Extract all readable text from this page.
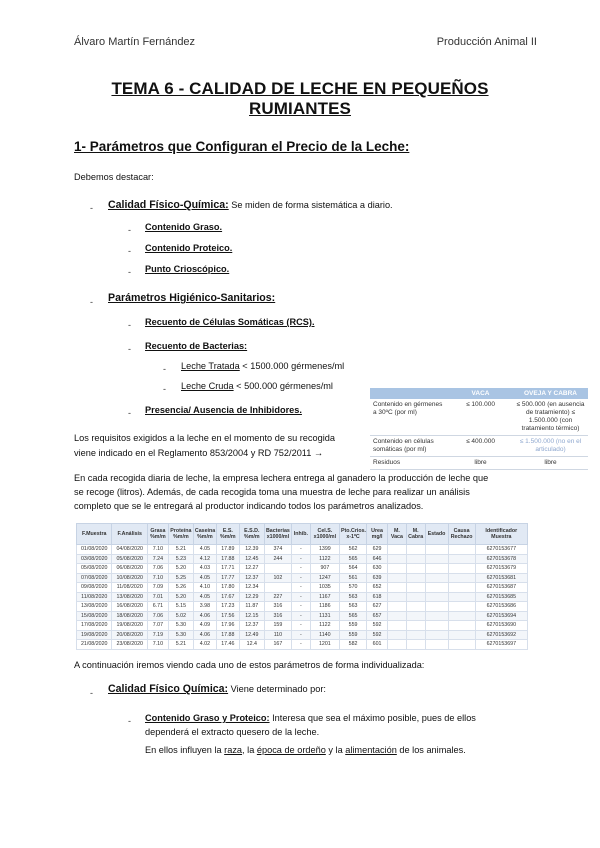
Álvaro Martín Fernández	Producción Animal II
TEMA 6 - CALIDAD DE LECHE EN PEQUEÑOS
RUMIANTES
1- Parámetros que Configuran el Precio de la Leche:
Debemos destacar:
- Calidad Físico-Química: Se miden de forma sistemática a diario.
- Contenido Graso.
- Contenido Proteico.
- Punto Crioscópico.
- Parámetros Higiénico-Sanitarios:
- Recuento de Células Somáticas (RCS).
- Recuento de Bacterias:
- Leche Tratada < 1500.000 gérmenes/ml
- Leche Cruda < 500.000 gérmenes/ml
- Presencia/ Ausencia de Inhibidores.
	VACA	OVEJA Y CABRA
Contenido en gérmenes a 30ºC (por ml)	≤ 100.000	≤ 500.000 (en ausencia de tratamiento) ≤ 1.500.000 (con tratamiento térmico)
Contenido en células somáticas (por ml)	≤ 400.000	≤ 1.500.000 (no en el articulado)
Residuos	libre	libre
Los requisitos exigidos a la leche en el momento de su recogida
viene indicado en el Reglamento 853/2004 y RD 752/2011 →
En cada recogida diaria de leche, la empresa lechera entrega al ganadero la producción de leche que
se recoge (litros). Además, de cada recogida toma una muestra de leche para realizar un análisis
completo que se le entregará al productor indicando todos los parámetros analizados.
F.Muestra	F.Análisis	Grasa %m/m	Proteína %m/m	Caseína %m/m	E.S. %m/m	E.S.D. %m/m	Bacterias x1000/ml	Inhib.	Cel.S. x1000/ml	Pto.Crios. x-1ºC	Urea mg/l	M. Vaca	M. Cabra	Estado	Causa Rechazo	Identificador Muestra
01/08/2020	04/08/2020	7.10	5.21	4.05	17.89	12.39	374	-	1399	562	629					6270153677
03/08/2020	05/08/2020	7.24	5.23	4.12	17.88	12.45	244	-	1122	565	646					6270153678
05/08/2020	06/08/2020	7.06	5.20	4.03	17.71	12.27		-	907	564	630					6270153679
07/08/2020	10/08/2020	7.10	5.25	4.05	17.77	12.37	102	-	1247	561	639					6270153681
09/08/2020	11/08/2020	7.09	5.26	4.10	17.80	12.34		-	1035	570	652					6270153687
11/08/2020	13/08/2020	7.01	5.20	4.05	17.67	12.29	227	-	1167	563	618					6270153685
13/08/2020	16/08/2020	6.71	5.15	3.98	17.23	11.87	316	-	1186	563	627					6270153686
15/08/2020	18/08/2020	7.06	5.02	4.06	17.56	12.15	316	-	1131	565	657					6270153694
17/08/2020	19/08/2020	7.07	5.30	4.09	17.96	12.37	159	-	1122	559	592					6270153690
19/08/2020	20/08/2020	7.19	5.30	4.06	17.88	12.49	110	-	1140	559	592					6270153692
21/08/2020	23/08/2020	7.10	5.21	4.02	17.46	12.4	167	-	1201	582	601					6270153697
A continuación iremos viendo cada uno de estos parámetros de forma individualizada:
- Calidad Físico Química: Viene determinado por:
- Contenido Graso y Proteico: Interesa que sea el máximo posible, pues de ellos
dependerá el extracto quesero de la leche.
En ellos influyen la raza, la época de ordeño y la alimentación de los animales.
